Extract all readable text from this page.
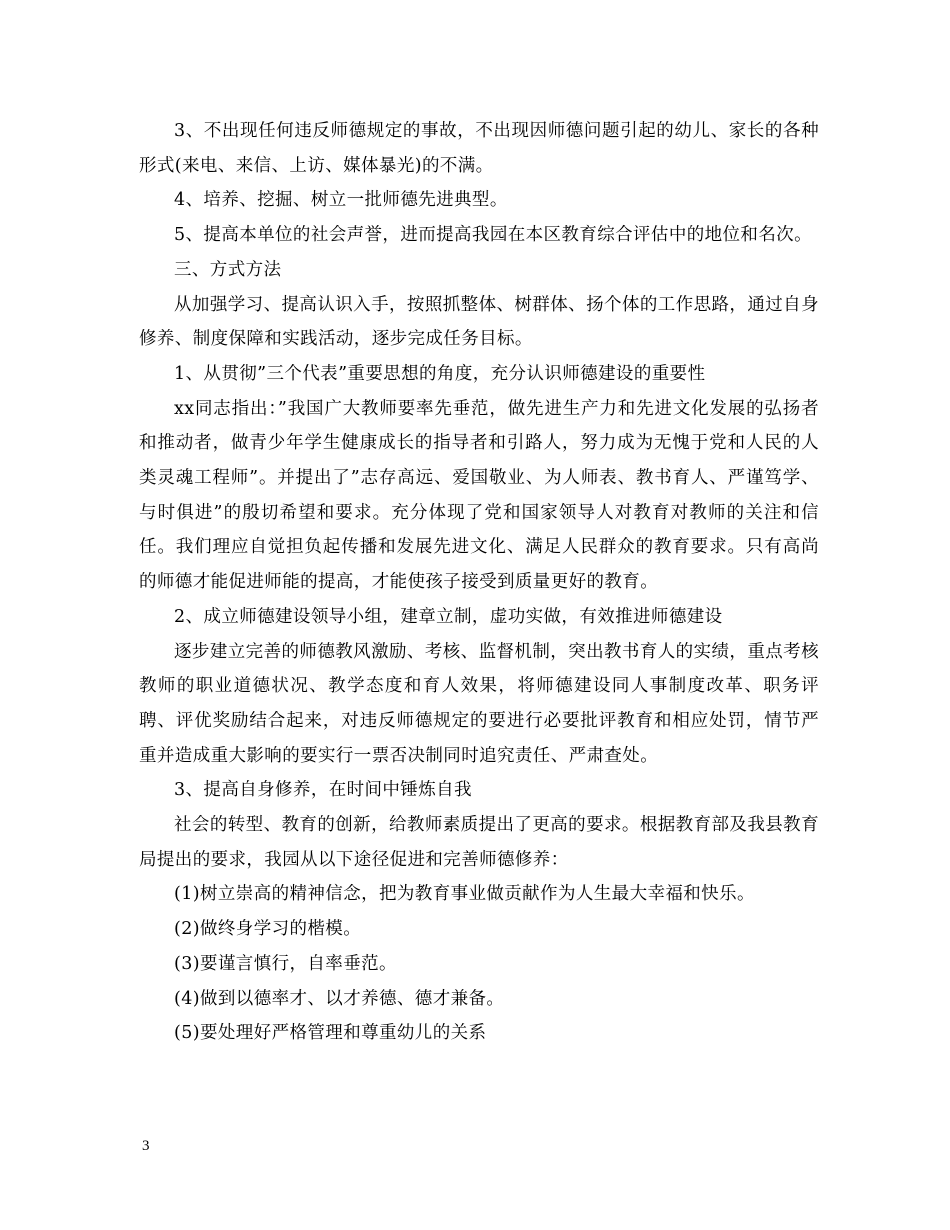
3、不出现任何违反师德规定的事故，不出现因师德问题引起的幼儿、家长的各种形式(来电、来信、上访、媒体暴光)的不满。

4、培养、挖掘、树立一批师德先进典型。

5、提高本单位的社会声誉，进而提高我园在本区教育综合评估中的地位和名次。

三、方式方法

从加强学习、提高认识入手，按照抓整体、树群体、扬个体的工作思路，通过自身修养、制度保障和实践活动，逐步完成任务目标。

1、从贯彻”三个代表”重要思想的角度，充分认识师德建设的重要性

xx同志指出：”我国广大教师要率先垂范，做先进生产力和先进文化发展的弘扬者和推动者，做青少年学生健康成长的指导者和引路人，努力成为无愧于党和人民的人类灵魂工程师”。并提出了”志存高远、爱国敬业、为人师表、教书育人、严谨笃学、与时俱进”的殷切希望和要求。充分体现了党和国家领导人对教育对教师的关注和信任。我们理应自觉担负起传播和发展先进文化、满足人民群众的教育要求。只有高尚的师德才能促进师能的提高，才能使孩子接受到质量更好的教育。

2、成立师德建设领导小组，建章立制，虚功实做，有效推进师德建设

逐步建立完善的师德教风激励、考核、监督机制，突出教书育人的实绩，重点考核教师的职业道德状况、教学态度和育人效果，将师德建设同人事制度改革、职务评聘、评优奖励结合起来，对违反师德规定的要进行必要批评教育和相应处罚，情节严重并造成重大影响的要实行一票否决制同时追究责任、严肃查处。

3、提高自身修养，在时间中锤炼自我

社会的转型、教育的创新，给教师素质提出了更高的要求。根据教育部及我县教育局提出的要求，我园从以下途径促进和完善师德修养：

(1)树立崇高的精神信念，把为教育事业做贡献作为人生最大幸福和快乐。

(2)做终身学习的楷模。

(3)要谨言慎行，自率垂范。

(4)做到以德率才、以才养德、德才兼备。

(5)要处理好严格管理和尊重幼儿的关系

3
